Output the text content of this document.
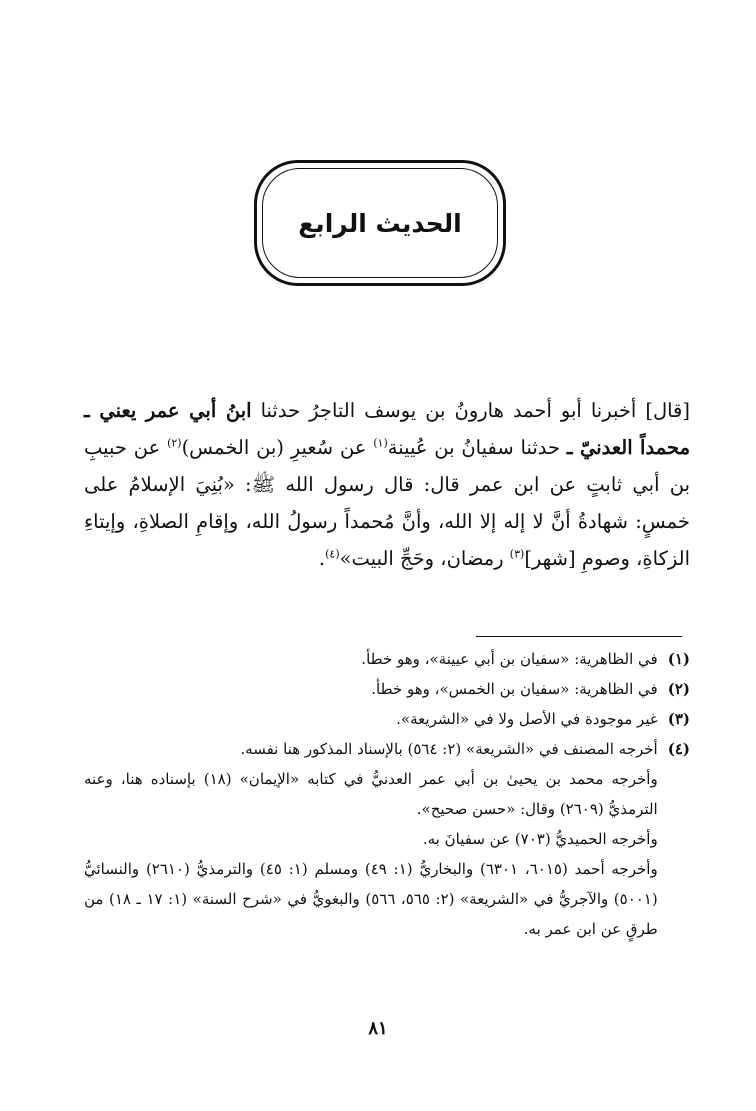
الحديث الرابع

[قال] أخبرنا أبو أحمد هارونُ بن يوسف التاجرُ حدثنا ابنُ أبي عمر يعني ـ محمداً العدنيّ ـ حدثنا سفيانُ بن عُيينة$^{(١)}$ عن سُعيرِ (بن الخمس)$^{(٢)}$ عن حبيبِ بن أبي ثابتٍ عن ابن عمر قال: قال رسول الله ﷺ: «بُنِيَ الإسلامُ على خمسٍ: شهادةُ أنَّ لا إله إلا الله، وأنَّ مُحمداً رسولُ الله، وإقامِ الصلاةِ، وإيتاءِ الزكاةِ، وصومِ [شهر]$^{(٣)}$ رمضان، وحَجِّ البيت»$^{(٤)}$.

(١)

في الظاهرية: «سفيان بن أبي عيينة»، وهو خطأ.

(٢)

في الظاهرية: «سفيان بن الخمس»، وهو خطأ.

(٣)

غير موجودة في الأصل ولا في «الشريعة».

(٤)

أخرجه المصنف في «الشريعة» (٢: ٥٦٤) بالإسناد المذكور هنا نفسه.

وأخرجه محمد بن يحيىٰ بن أبي عمر العدنيُّ في كتابه «الإيمان» (١٨) بإسناده هنا، وعنه الترمذيُّ (٢٦٠٩) وقال: «حسن صحيح».

وأخرجه الحميديُّ (٧٠٣) عن سفيانَ به.

وأخرجه أحمد (٦٠١٥، ٦٣٠١) والبخاريُّ (١: ٤٩) ومسلم (١: ٤٥) والترمذيُّ (٢٦١٠) والنسائيُّ (٥٠٠١) والآجريُّ في «الشريعة» (٢: ٥٦٥، ٥٦٦) والبغويُّ في «شرح السنة» (١: ١٧ ـ ١٨) من طرقٍ عن ابن عمر به.

٨١
